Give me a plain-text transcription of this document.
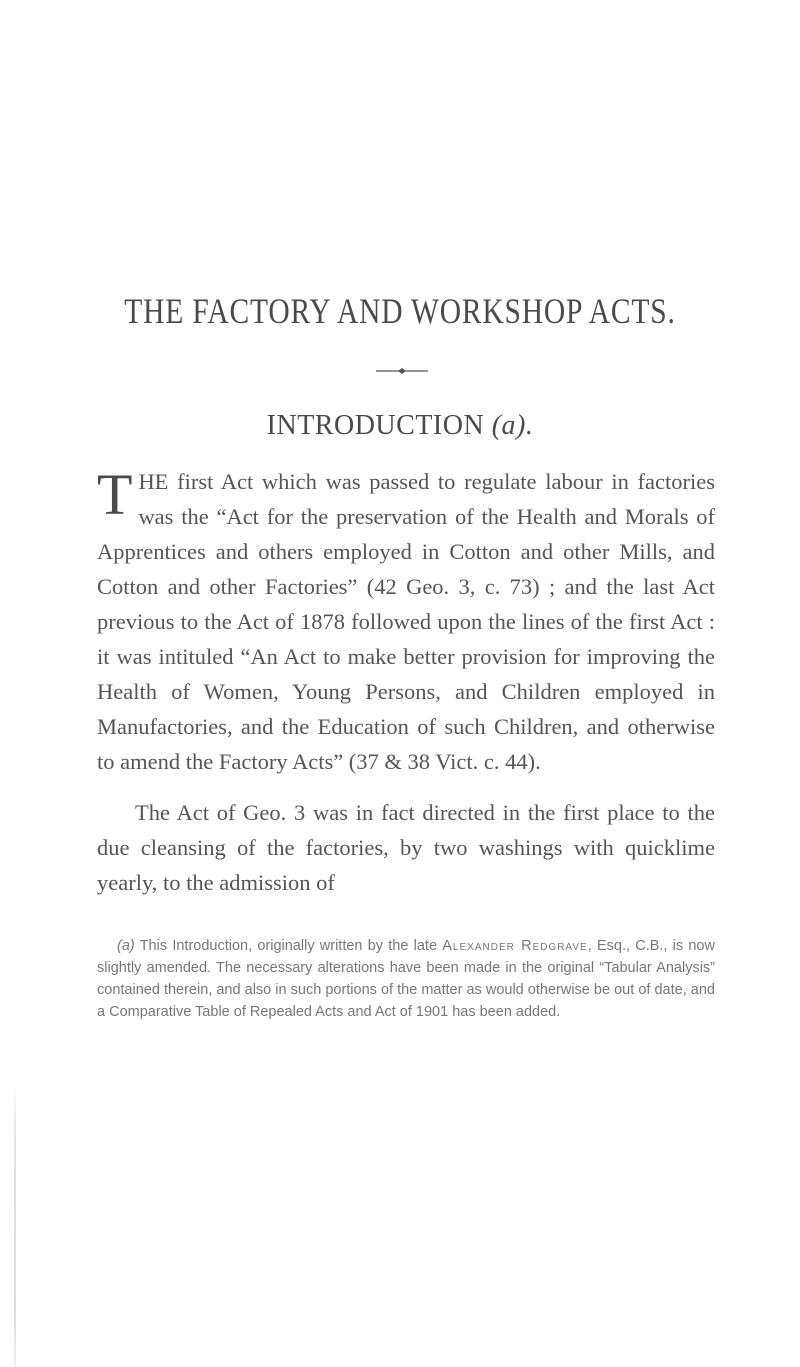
THE FACTORY AND WORKSHOP ACTS.
INTRODUCTION (a).
T HE first Act which was passed to regulate labour in factories was the “Act for the preservation of the Health and Morals of Apprentices and others employed in Cotton and other Mills, and Cotton and other Factories” (42 Geo. 3, c. 73) ; and the last Act previous to the Act of 1878 followed upon the lines of the first Act : it was intituled “An Act to make better provision for improving the Health of Women, Young Persons, and Children employed in Manufactories, and the Education of such Children, and otherwise to amend the Factory Acts” (37 & 38 Vict. c. 44).
The Act of Geo. 3 was in fact directed in the first place to the due cleansing of the factories, by two washings with quicklime yearly, to the admission of
(a) This Introduction, originally written by the late Alexander Redgrave, Esq., C.B., is now slightly amended. The necessary alterations have been made in the original “Tabular Analysis” contained therein, and also in such portions of the matter as would otherwise be out of date, and a Comparative Table of Repealed Acts and Act of 1901 has been added.
